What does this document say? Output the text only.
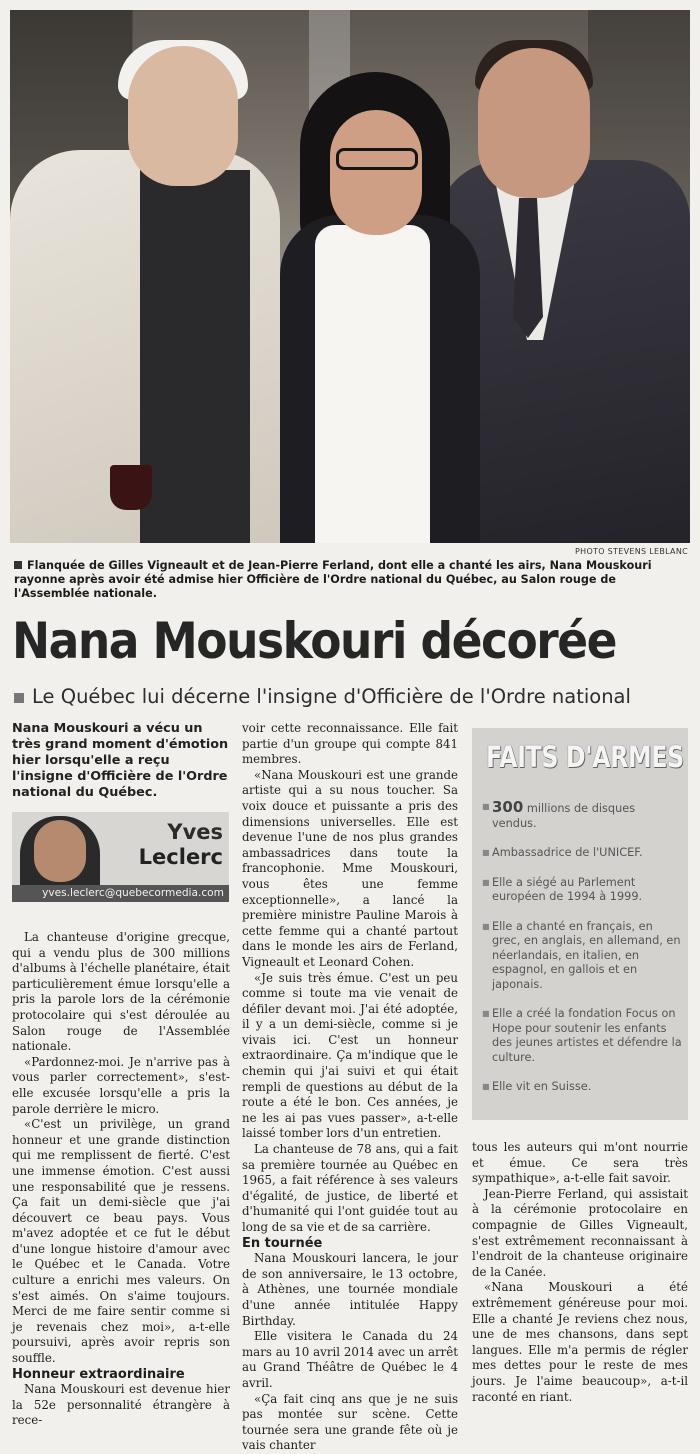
PHOTO STEVENS LEBLANC
Flanquée de Gilles Vigneault et de Jean-Pierre Ferland, dont elle a chanté les airs, Nana Mouskouri rayonne après avoir été admise hier Officière de l'Ordre national du Québec, au Salon rouge de l'Assemblée nationale.
Nana Mouskouri décorée
Le Québec lui décerne l'insigne d'Officière de l'Ordre national
Nana Mouskouri a vécu un très grand moment d'émotion hier lorsqu'elle a reçu l'insigne d'Officière de l'Ordre national du Québec.
Yves
Leclerc
yves.leclerc@quebecormedia.com

La chanteuse d'origine grecque, qui a vendu plus de 300 millions d'albums à l'échelle planétaire, était particulièrement émue lorsqu'elle a pris la parole lors de la cérémonie protocolaire qui s'est déroulée au Salon rouge de l'Assemblée nationale.

«Pardonnez-moi. Je n'arrive pas à vous parler correctement», s'est-elle excusée lorsqu'elle a pris la parole derrière le micro.

«C'est un privilège, un grand honneur et une grande distinction qui me remplissent de fierté. C'est une immense émotion. C'est aussi une responsabilité que je ressens. Ça fait un demi-siècle que j'ai découvert ce beau pays. Vous m'avez adoptée et ce fut le début d'une longue histoire d'amour avec le Québec et le Canada. Votre culture a enrichi mes valeurs. On s'est aimés. On s'aime toujours. Merci de me faire sentir comme si je revenais chez moi», a-t-elle poursuivi, après avoir repris son souffle.

Honneur extraordinaire

Nana Mouskouri est devenue hier la 52e personnalité étrangère à rece-

voir cette reconnaissance. Elle fait partie d'un groupe qui compte 841 membres.

«Nana Mouskouri est une grande artiste qui a su nous toucher. Sa voix douce et puissante a pris des dimensions universelles. Elle est devenue l'une de nos plus grandes ambassadrices dans toute la francophonie. Mme Mouskouri, vous êtes une femme exceptionnelle», a lancé la première ministre Pauline Marois à cette femme qui a chanté partout dans le monde les airs de Ferland, Vigneault et Leonard Cohen.

«Je suis très émue. C'est un peu comme si toute ma vie venait de défiler devant moi. J'ai été adoptée, il y a un demi-siècle, comme si je vivais ici. C'est un honneur extraordinaire. Ça m'indique que le chemin qui j'ai suivi et qui était rempli de questions au début de la route a été le bon. Ces années, je ne les ai pas vues passer», a-t-elle laissé tomber lors d'un entretien.

La chanteuse de 78 ans, qui a fait sa première tournée au Québec en 1965, a fait référence à ses valeurs d'égalité, de justice, de liberté et d'humanité qui l'ont guidée tout au long de sa vie et de sa carrière.

En tournée

Nana Mouskouri lancera, le jour de son anniversaire, le 13 octobre, à Athènes, une tournée mondiale d'une année intitulée Happy Birthday.

Elle visitera le Canada du 24 mars au 10 avril 2014 avec un arrêt au Grand Théâtre de Québec le 4 avril.

«Ça fait cinq ans que je ne suis pas montée sur scène. Cette tournée sera une grande fête où je vais chanter

FAITS D'ARMES
■ 300 millions de disques vendus.
■ Ambassadrice de l'UNICEF.
■ Elle a siégé au Parlement européen de 1994 à 1999.
■ Elle a chanté en français, en grec, en anglais, en allemand, en néerlandais, en italien, en espagnol, en gallois et en japonais.
■ Elle a créé la fondation Focus on Hope pour soutenir les enfants des jeunes artistes et défendre la culture.
■ Elle vit en Suisse.

tous les auteurs qui m'ont nourrie et émue. Ce sera très sympathique», a-t-elle fait savoir.

Jean-Pierre Ferland, qui assistait à la cérémonie protocolaire en compagnie de Gilles Vigneault, s'est extrêmement reconnaissant à l'endroit de la chanteuse originaire de la Canée.

«Nana Mouskouri a été extrêmement généreuse pour moi. Elle a chanté Je reviens chez nous, une de mes chansons, dans sept langues. Elle m'a permis de régler mes dettes pour le reste de mes jours. Je l'aime beaucoup», a-t-il raconté en riant.
